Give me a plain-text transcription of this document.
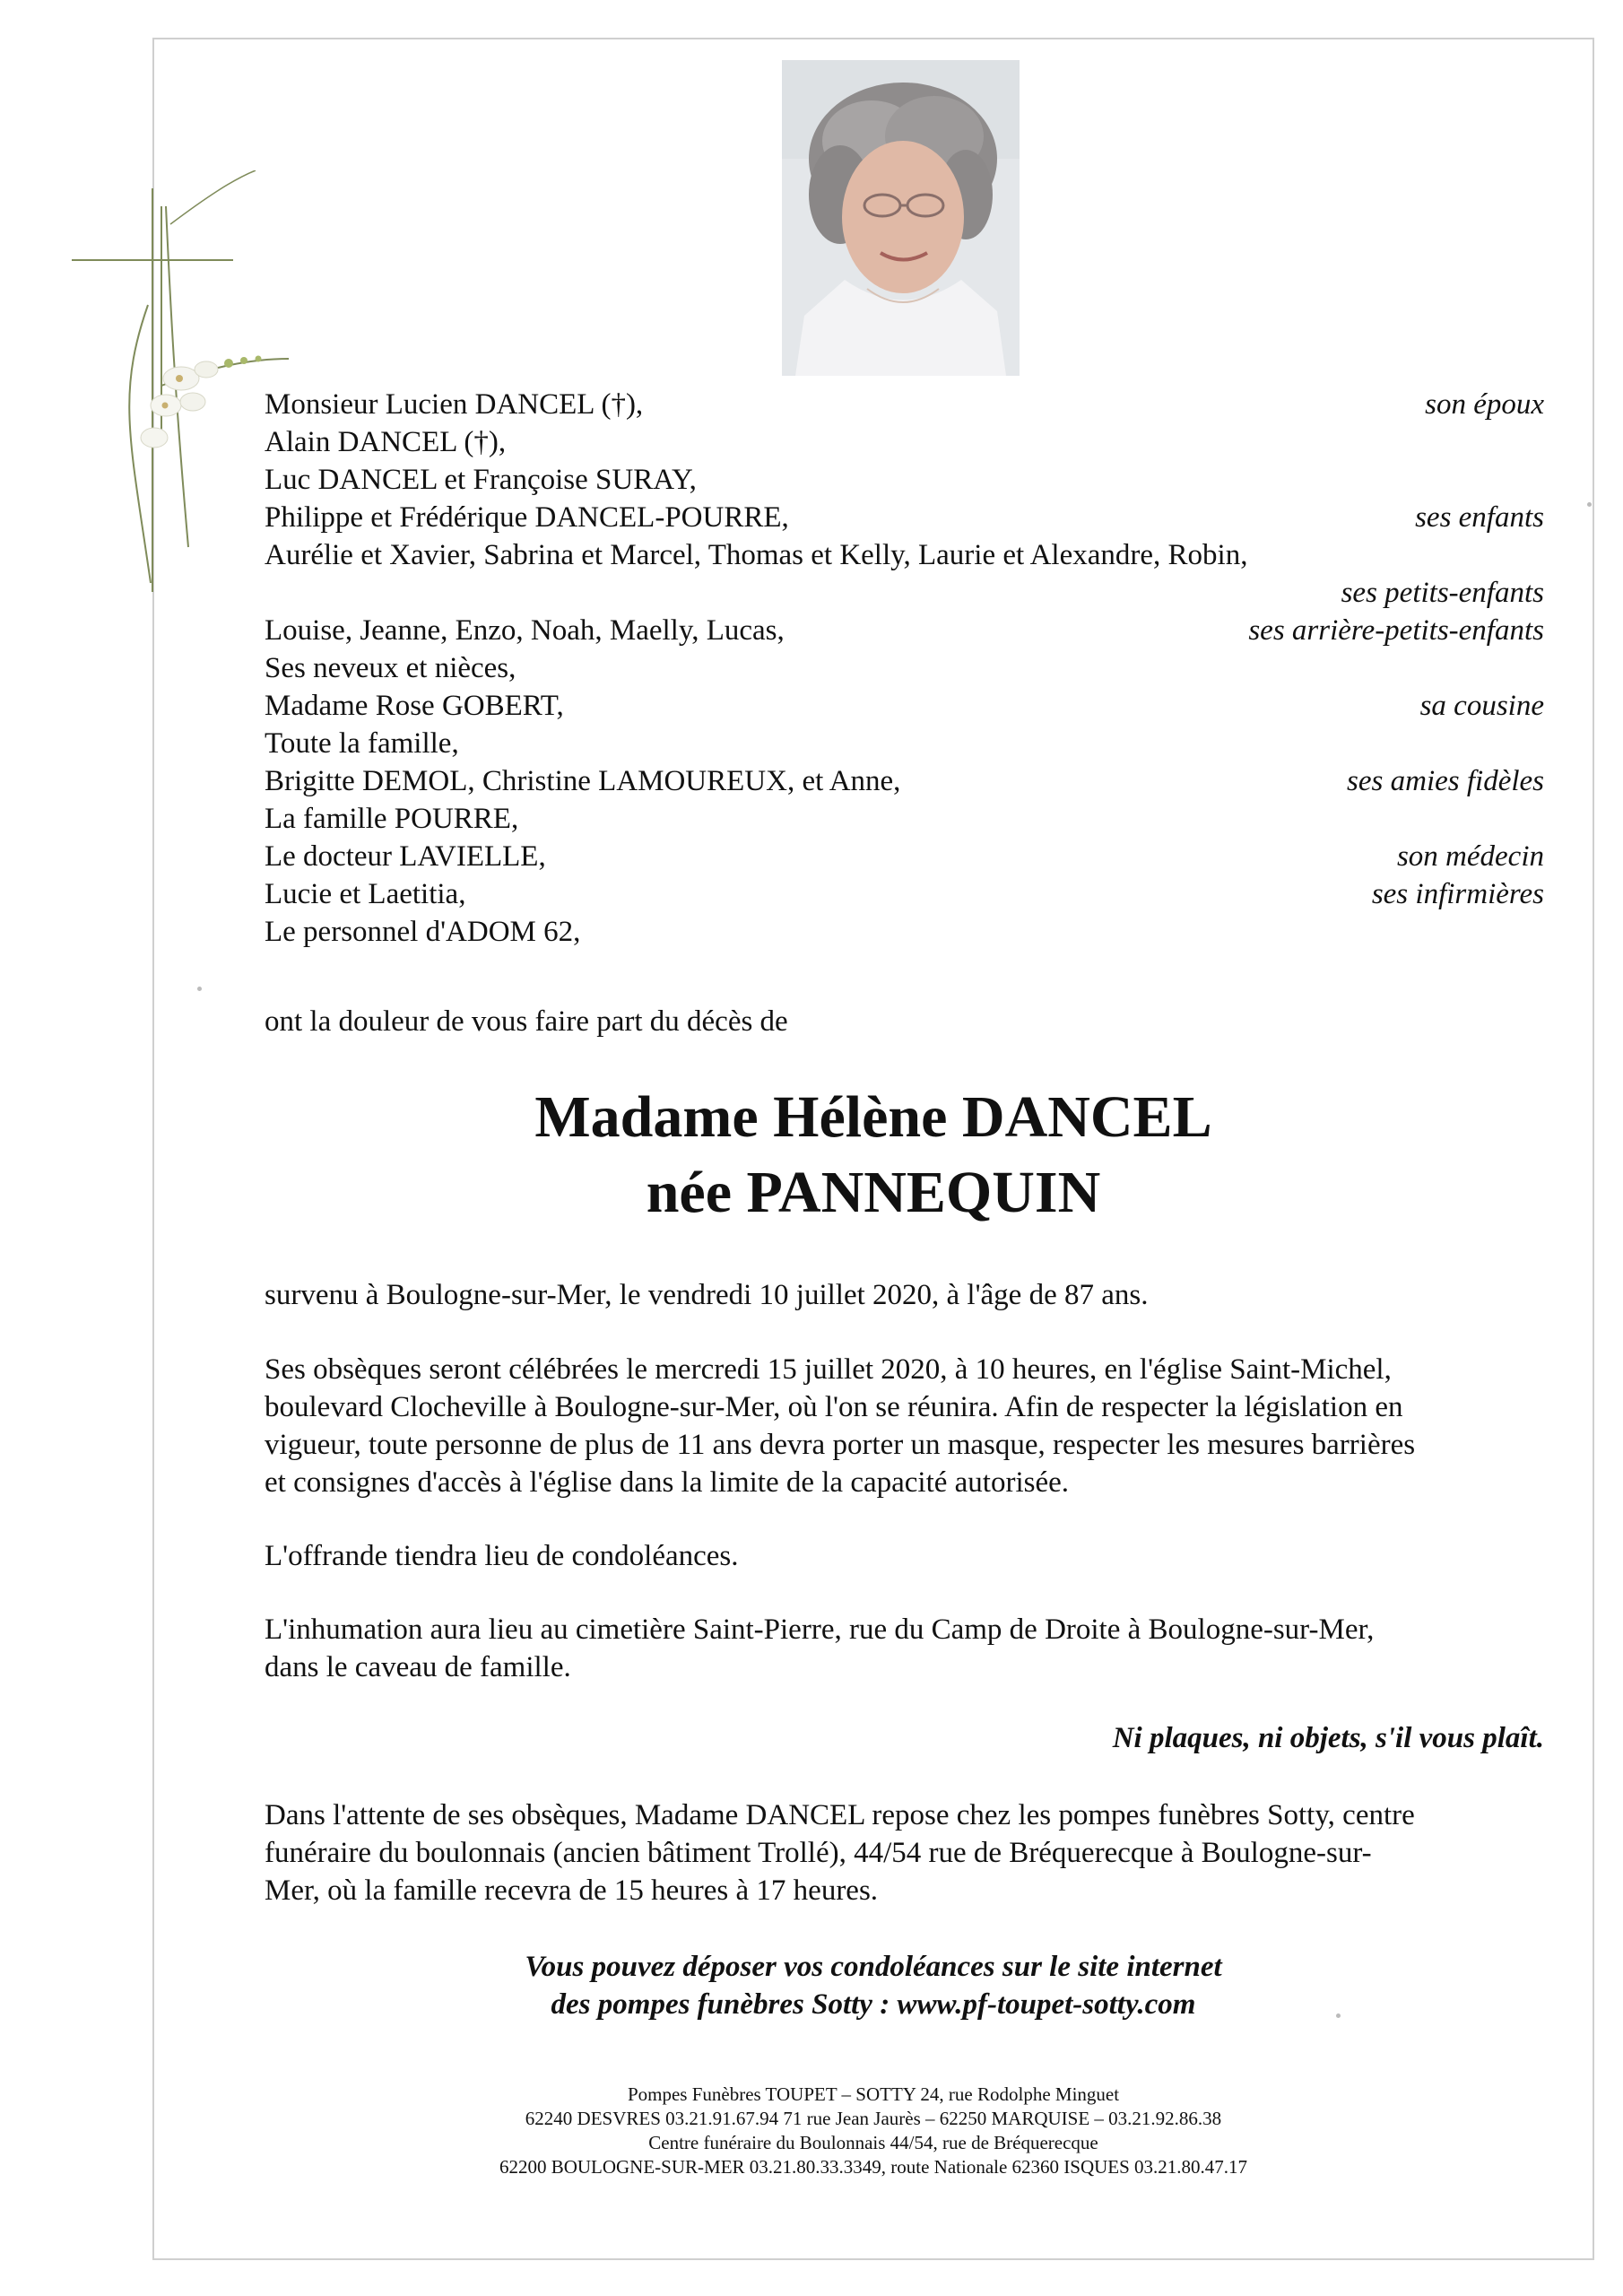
Monsieur Lucien DANCEL (†),	son époux
Alain DANCEL (†),
Luc DANCEL et Françoise SURAY,
Philippe et Frédérique DANCEL-POURRE,	ses enfants
Aurélie et Xavier, Sabrina et Marcel, Thomas et Kelly, Laurie et Alexandre, Robin,
ses petits-enfants
Louise, Jeanne, Enzo, Noah, Maelly, Lucas,	ses arrière-petits-enfants
Ses neveux et nièces,
Madame Rose GOBERT,	sa cousine
Toute la famille,
Brigitte DEMOL, Christine LAMOUREUX, et Anne,	ses amies fidèles
La famille POURRE,
Le docteur LAVIELLE,	son médecin
Lucie et Laetitia,	ses infirmières
Le personnel d'ADOM 62,
ont la douleur de vous faire part du décès de
Madame Hélène DANCEL
née PANNEQUIN
survenu à Boulogne-sur-Mer, le vendredi 10 juillet 2020, à l'âge de 87 ans.
Ses obsèques seront célébrées le mercredi 15 juillet 2020, à 10 heures, en l'église Saint-Michel,
boulevard Clocheville à Boulogne-sur-Mer, où l'on se réunira. Afin de respecter la législation en
vigueur, toute personne de plus de 11 ans devra porter un masque, respecter les mesures barrières
et consignes d'accès à l'église dans la limite de la capacité autorisée.
L'offrande tiendra lieu de condoléances.
L'inhumation aura lieu au cimetière Saint-Pierre, rue du Camp de Droite à Boulogne-sur-Mer,
dans le caveau de famille.
Ni plaques, ni objets, s'il vous plaît.
Dans l'attente de ses obsèques, Madame DANCEL repose chez les pompes funèbres Sotty, centre
funéraire du boulonnais (ancien bâtiment Trollé), 44/54 rue de Bréquerecque à Boulogne-sur-
Mer, où la famille recevra de 15 heures à 17 heures.
Vous pouvez déposer vos condoléances sur le site internet
des pompes funèbres Sotty : www.pf-toupet-sotty.com
Pompes Funèbres TOUPET – SOTTY 24, rue Rodolphe Minguet
62240 DESVRES 03.21.91.67.94 71 rue Jean Jaurès – 62250 MARQUISE – 03.21.92.86.38
Centre funéraire du Boulonnais 44/54, rue de Bréquerecque
62200 BOULOGNE-SUR-MER 03.21.80.33.3349, route Nationale 62360 ISQUES 03.21.80.47.17
